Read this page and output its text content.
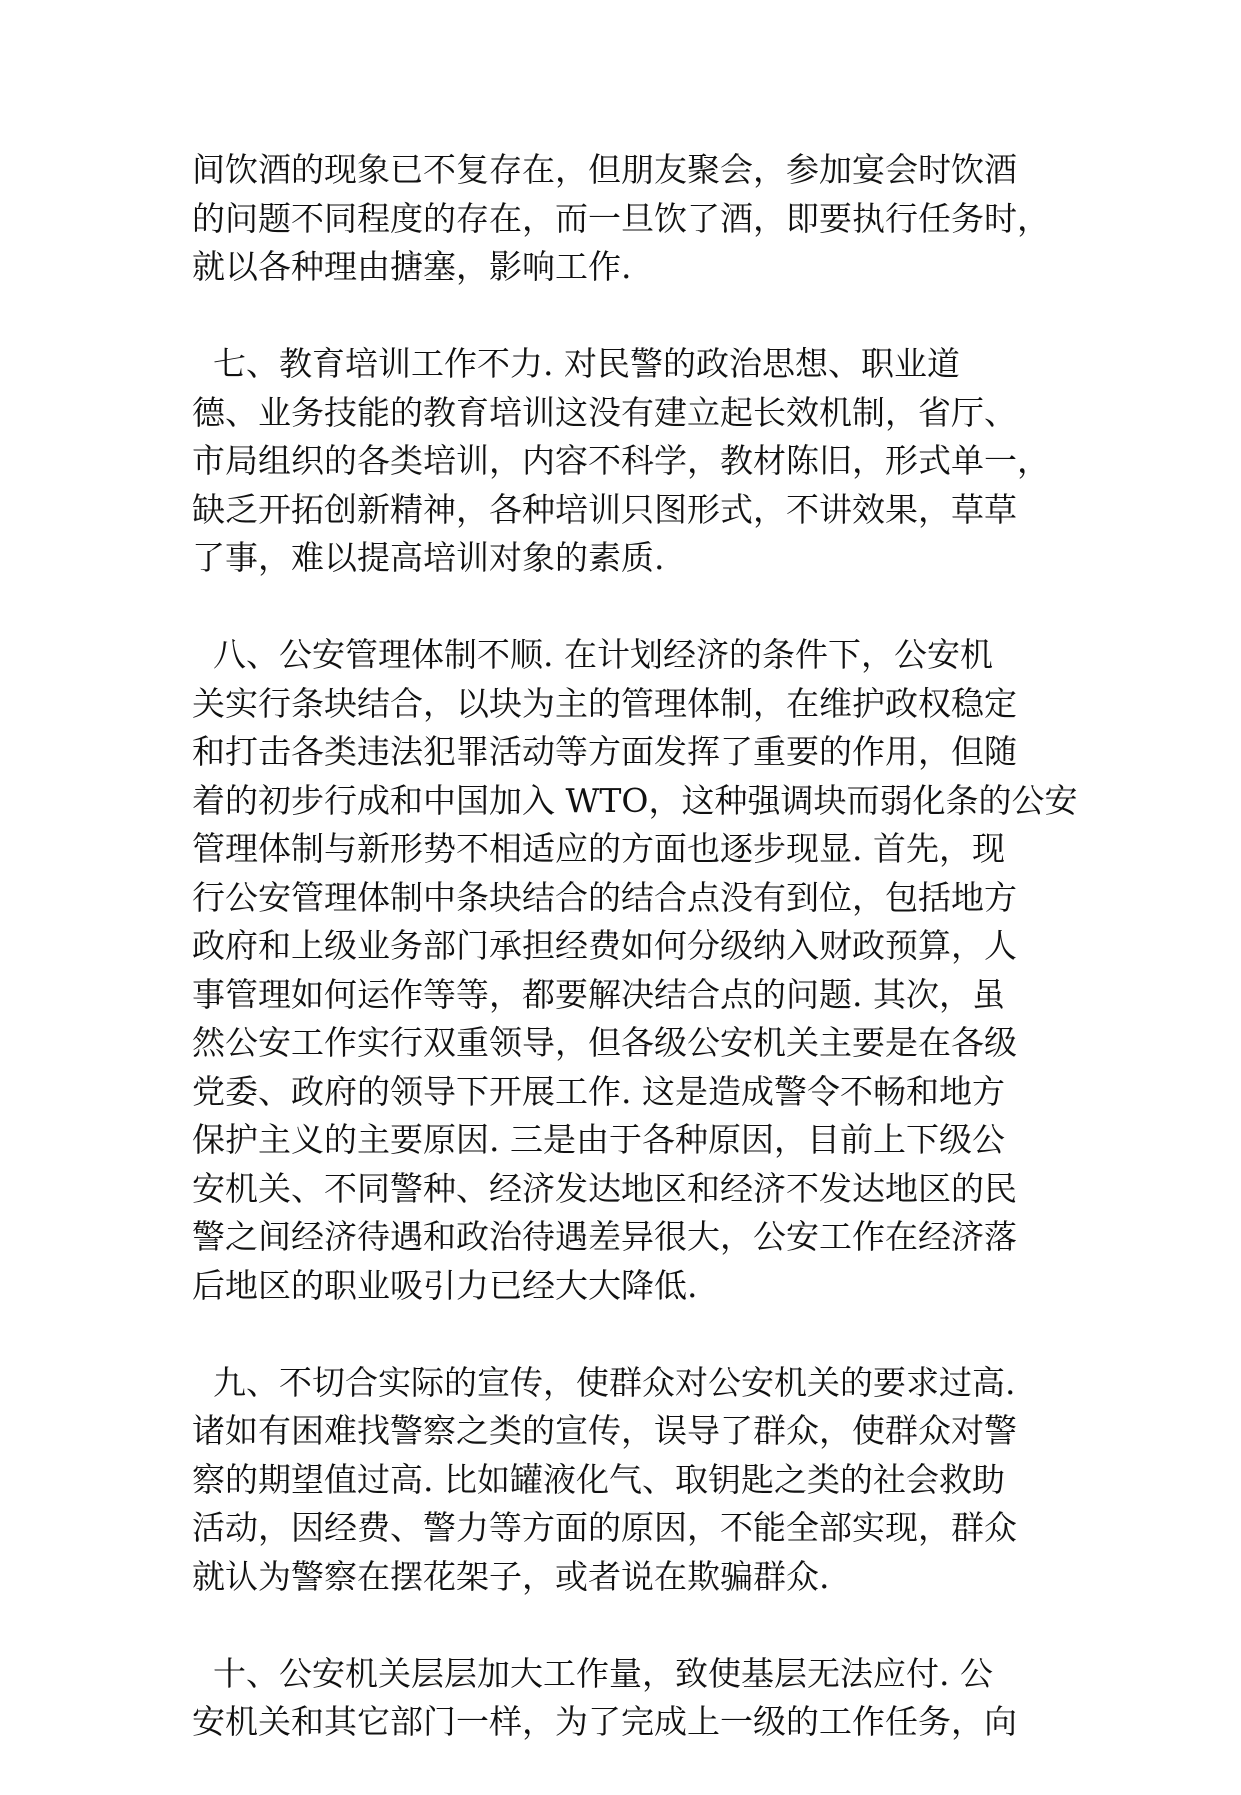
间饮酒的现象已不复存在，但朋友聚会，参加宴会时饮酒
的问题不同程度的存在，而一旦饮了酒，即要执行任务时，
就以各种理由搪塞，影响工作.

七、教育培训工作不力. 对民警的政治思想、职业道
德、业务技能的教育培训这没有建立起长效机制，省厅、
市局组织的各类培训，内容不科学，教材陈旧，形式单一，
缺乏开拓创新精神，各种培训只图形式，不讲效果，草草
了事，难以提高培训对象的素质.

八、公安管理体制不顺. 在计划经济的条件下，公安机
关实行条块结合，以块为主的管理体制，在维护政权稳定
和打击各类违法犯罪活动等方面发挥了重要的作用，但随
着的初步行成和中国加入 WTO，这种强调块而弱化条的公安
管理体制与新形势不相适应的方面也逐步现显. 首先，现
行公安管理体制中条块结合的结合点没有到位，包括地方
政府和上级业务部门承担经费如何分级纳入财政预算，人
事管理如何运作等等，都要解决结合点的问题. 其次，虽
然公安工作实行双重领导，但各级公安机关主要是在各级
党委、政府的领导下开展工作. 这是造成警令不畅和地方
保护主义的主要原因. 三是由于各种原因，目前上下级公
安机关、不同警种、经济发达地区和经济不发达地区的民
警之间经济待遇和政治待遇差异很大，公安工作在经济落
后地区的职业吸引力已经大大降低.

九、不切合实际的宣传，使群众对公安机关的要求过高.
诸如有困难找警察之类的宣传，误导了群众，使群众对警
察的期望值过高. 比如罐液化气、取钥匙之类的社会救助
活动，因经费、警力等方面的原因，不能全部实现，群众
就认为警察在摆花架子，或者说在欺骗群众.

十、公安机关层层加大工作量，致使基层无法应付. 公
安机关和其它部门一样，为了完成上一级的工作任务，向
